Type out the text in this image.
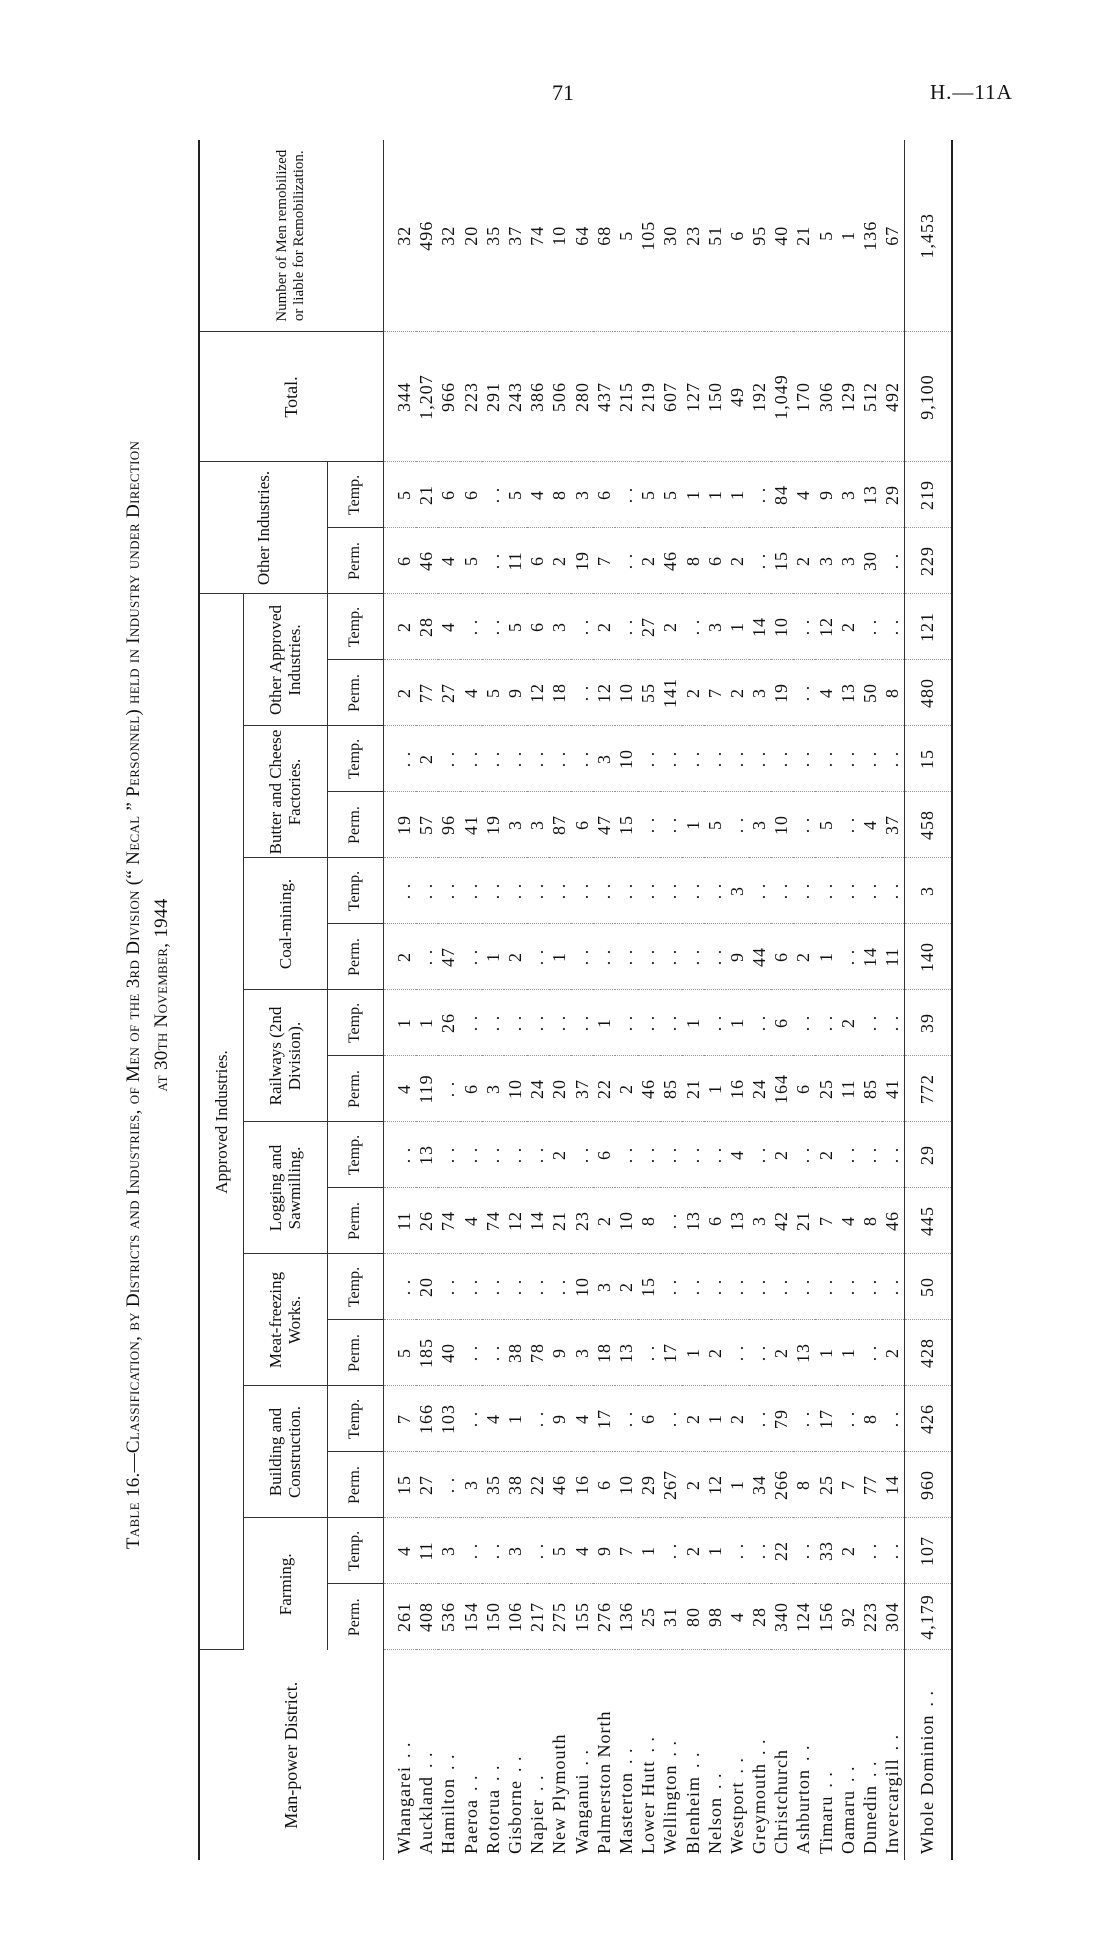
71	H.—11A
Table 16.—Classification, by Districts and Industries, of Men of the 3rd Division (“ Necal ” Personnel) held in Industry under Direction at 30th November, 1944
Man-power District.	Approved Industries.																Other Industries.		Total.	Number of Men remobilized or liable for Remobilization.
	Farming.		Building and Construction.		Meat-freezing Works.		Logging and Sawmilling.		Railways (2nd Division).		Coal-mining.		Butter and Cheese Factories.		Other Approved Industries.					
	Perm.	Temp.	Perm.	Temp.	Perm.	Temp.	Perm.	Temp.	Perm.	Temp.	Perm.	Temp.	Perm.	Temp.	Perm.	Temp.	Perm.	Temp.		
Whangarei. .	261	4	15	7	5	. .	11	. .	4	1	2	. .	19	. .	2	2	6	5	344	32
Auckland. .	408	11	27	166	185	20	26	13	119	1	. .	. .	57	2	77	28	46	21	1,207	496
Hamilton. .	536	3	. .	103	40	. .	74	. .	. .	26	47	. .	96	. .	27	4	4	6	966	32
Paeroa. .	154	. .	3	. .	. .	. .	4	. .	6	. .	. .	. .	41	. .	4	. .	5	6	223	20
Rotorua. .	150	. .	35	4	. .	. .	74	. .	3	. .	1	. .	19	. .	5	. .	. .	. .	291	35
Gisborne. .	106	3	38	1	38	. .	12	. .	10	. .	2	. .	3	. .	9	5	11	5	243	37
Napier. .	217	. .	22	. .	78	. .	14	. .	24	. .	. .	. .	3	. .	12	6	6	4	386	74
New Plymouth	275	5	46	9	9	. .	21	2	20	. .	1	. .	87	. .	18	3	2	8	506	10
Wanganui. .	155	4	16	4	3	10	23	. .	37	. .	. .	. .	6	. .	. .	. .	19	3	280	64
Palmerston North	276	9	6	17	18	3	2	6	22	1	. .	. .	47	3	12	2	7	6	437	68
Masterton. .	136	7	10	. .	13	2	10	. .	2	. .	. .	. .	15	10	10	. .	. .	. .	215	5
Lower Hutt. .	25	1	29	6	. .	15	8	. .	46	. .	. .	. .	. .	. .	55	27	2	5	219	105
Wellington. .	31	. .	267	. .	17	. .	. .	. .	85	. .	. .	. .	. .	. .	141	2	46	5	607	30
Blenheim. .	80	2	2	2	1	. .	13	. .	21	1	. .	. .	1	. .	2	. .	8	1	127	23
Nelson. .	98	1	12	1	2	. .	6	. .	1	. .	. .	. .	5	. .	7	3	6	1	150	51
Westport. .	4	. .	1	2	. .	. .	13	4	16	1	9	3	. .	. .	2	1	2	1	49	6
Greymouth. .	28	. .	34	. .	. .	. .	3	. .	24	. .	44	. .	3	. .	3	14	. .	. .	192	95
Christchurch	340	22	266	79	2	. .	42	2	164	6	6	. .	10	. .	19	10	15	84	1,049	40
Ashburton. .	124	. .	8	. .	13	. .	21	. .	6	. .	2	. .	. .	. .	. .	. .	2	4	170	21
Timaru. .	156	33	25	17	1	. .	7	2	25	. .	1	. .	5	. .	4	12	3	9	306	5
Oamaru. .	92	2	7	. .	1	. .	4	. .	11	2	. .	. .	. .	. .	13	2	3	3	129	1
Dunedin. .	223	. .	77	8	. .	. .	8	. .	85	. .	14	. .	4	. .	50	. .	30	13	512	136
Invercargill. .	304	. .	14	. .	2	. .	46	. .	41	. .	11	. .	37	. .	8	. .	. .	29	492	67
Whole Dominion. .	4,179	107	960	426	428	50	445	29	772	39	140	3	458	15	480	121	229	219	9,100	1,453
